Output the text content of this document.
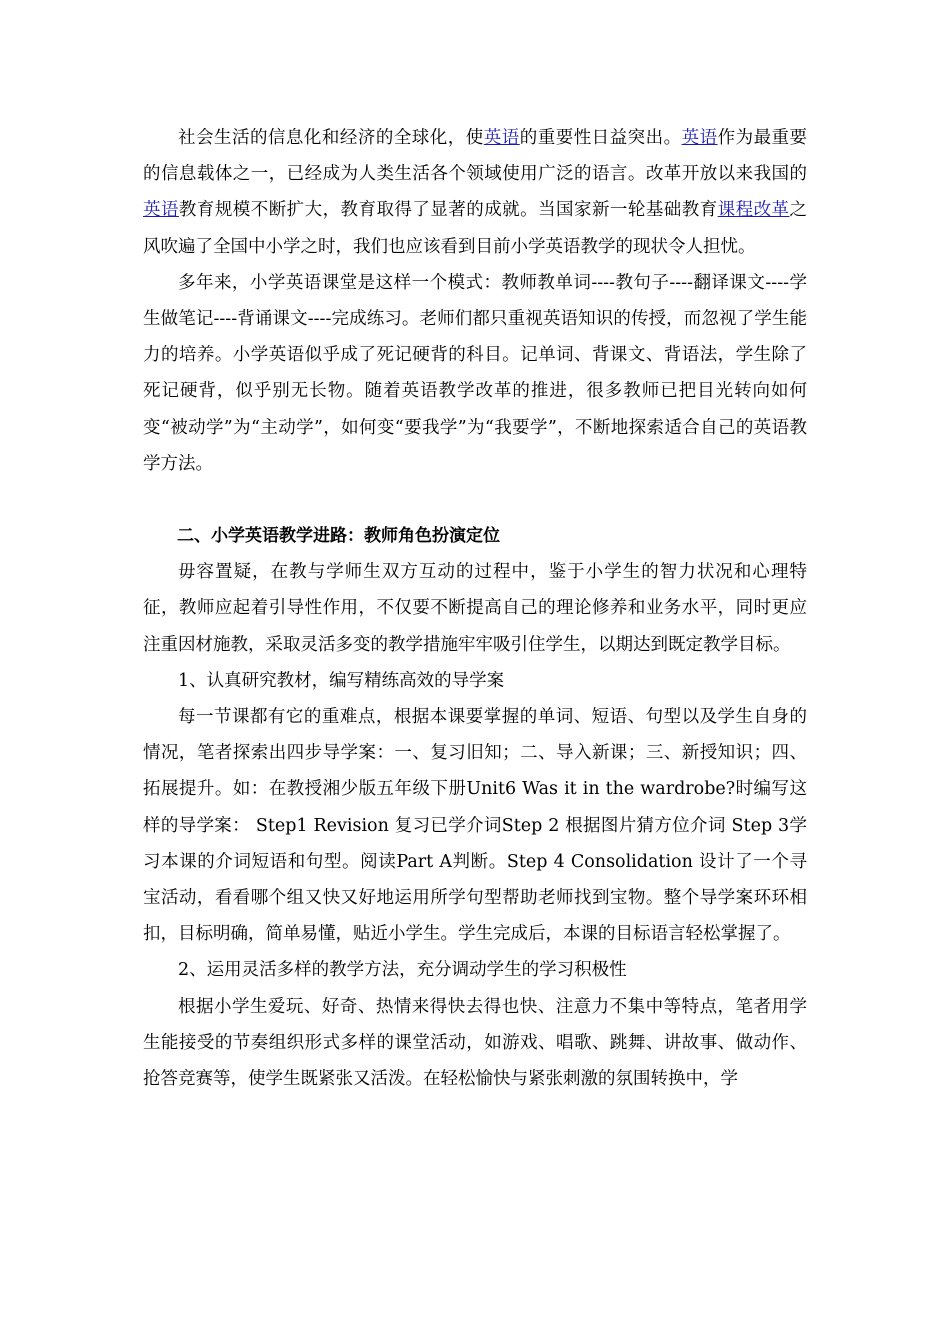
社会生活的信息化和经济的全球化，使英语的重要性日益突出。英语作为最重要的信息载体之一，已经成为人类生活各个领域使用广泛的语言。改革开放以来我国的英语教育规模不断扩大，教育取得了显著的成就。当国家新一轮基础教育课程改革之风吹遍了全国中小学之时，我们也应该看到目前小学英语教学的现状令人担忧。

多年来，小学英语课堂是这样一个模式：教师教单词----教句子----翻译课文----学生做笔记----背诵课文----完成练习。老师们都只重视英语知识的传授，而忽视了学生能力的培养。小学英语似乎成了死记硬背的科目。记单词、背课文、背语法，学生除了死记硬背，似乎别无长物。随着英语教学改革的推进，很多教师已把目光转向如何变“被动学”为“主动学”，如何变“要我学”为“我要学”，不断地探索适合自己的英语教学方法。

二、小学英语教学进路：教师角色扮演定位

毋容置疑，在教与学师生双方互动的过程中，鉴于小学生的智力状况和心理特征，教师应起着引导性作用，不仅要不断提高自己的理论修养和业务水平，同时更应注重因材施教，采取灵活多变的教学措施牢牢吸引住学生，以期达到既定教学目标。

1、认真研究教材，编写精练高效的导学案

每一节课都有它的重难点，根据本课要掌握的单词、短语、句型以及学生自身的情况，笔者探索出四步导学案：一、复习旧知；二、导入新课；三、新授知识；四、拓展提升。如：在教授湘少版五年级下册Unit6 Was it in the wardrobe?时编写这样的导学案： Step1 Revision 复习已学介词Step 2 根据图片猜方位介词 Step 3学习本课的介词短语和句型。阅读Part A判断。Step 4 Consolidation 设计了一个寻宝活动，看看哪个组又快又好地运用所学句型帮助老师找到宝物。整个导学案环环相扣，目标明确，简单易懂，贴近小学生。学生完成后，本课的目标语言轻松掌握了。

2、运用灵活多样的教学方法，充分调动学生的学习积极性

根据小学生爱玩、好奇、热情来得快去得也快、注意力不集中等特点，笔者用学生能接受的节奏组织形式多样的课堂活动，如游戏、唱歌、跳舞、讲故事、做动作、抢答竞赛等，使学生既紧张又活泼。在轻松愉快与紧张刺激的氛围转换中，学
